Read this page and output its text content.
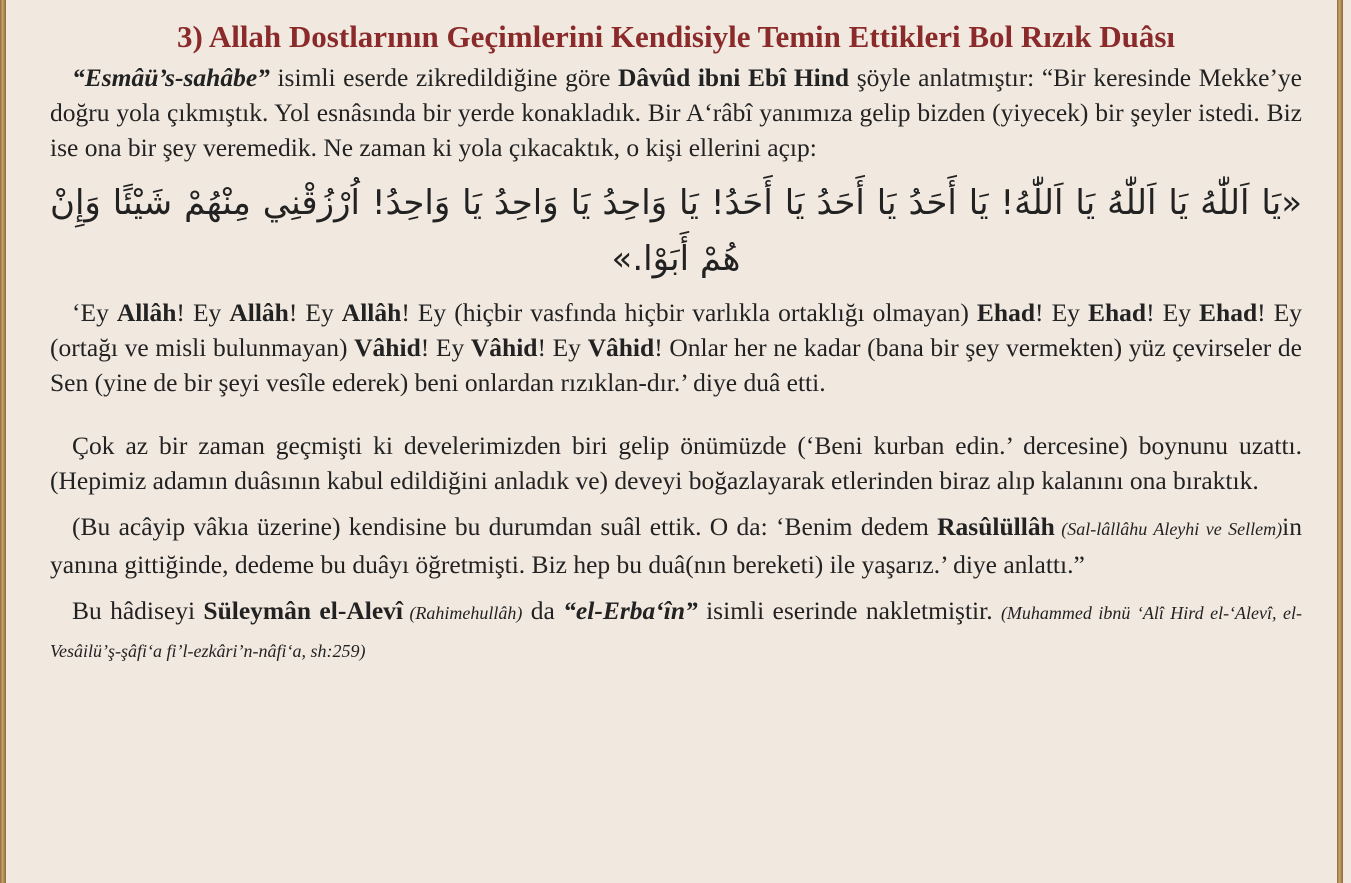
3) Allah Dostlarının Geçimlerini Kendisiyle Temin Ettikleri Bol Rızık Duâsı

“Esmâü’s-sahâbe” isimli eserde zikredildiğine göre Dâvûd ibni Ebî Hind şöyle anlatmıştır: “Bir keresinde Mekke’ye doğru yola çıkmıştık. Yol esnâsında bir yerde konakladık. Bir A‘râbî yanımıza gelip bizden (yiyecek) bir şeyler istedi. Biz ise ona bir şey veremedik. Ne zaman ki yola çıkacaktık, o kişi ellerini açıp:

«يَا اَللّٰهُ يَا اَللّٰهُ يَا اَللّٰهُ! يَا أَحَدُ يَا أَحَدُ يَا أَحَدُ! يَا وَاحِدُ يَا وَاحِدُ يَا وَاحِدُ! اُرْزُقْنِي مِنْهُمْ شَيْئًا وَإِنْ هُمْ أَبَوْا.»

‘Ey Allâh! Ey Allâh! Ey Allâh! Ey (hiçbir vasfında hiçbir varlıkla ortaklığı olmayan) Ehad! Ey Ehad! Ey Ehad! Ey (ortağı ve misli bulunmayan) Vâhid! Ey Vâhid! Ey Vâhid! Onlar her ne kadar (bana bir şey vermekten) yüz çevirseler de Sen (yine de bir şeyi vesîle ederek) beni onlardan rızıklan-dır.’ diye duâ etti.

Çok az bir zaman geçmişti ki develerimizden biri gelip önümüzde (‘Beni kurban edin.’ dercesine) boynunu uzattı. (Hepimiz adamın duâsının kabul edildiğini anladık ve) deveyi boğazlayarak etlerinden biraz alıp kalanını ona bıraktık.

(Bu acâyip vâkıa üzerine) kendisine bu durumdan suâl ettik. O da: ‘Benim dedem Rasûlüllâh (Sal-lâllâhu Aleyhi ve Sellem)in yanına gittiğinde, dedeme bu duâyı öğretmişti. Biz hep bu duâ(nın bereketi) ile yaşarız.’ diye anlattı.”

Bu hâdiseyi Süleymân el-Alevî (Rahimehullâh) da “el-Erba‘în” isimli eserinde nakletmiştir. (Muhammed ibnü ‘Alî Hird el-‘Alevî, el-Vesâilü’ş-şâfi‘a fi’l-ezkâri’n-nâfi‘a, sh:259)
